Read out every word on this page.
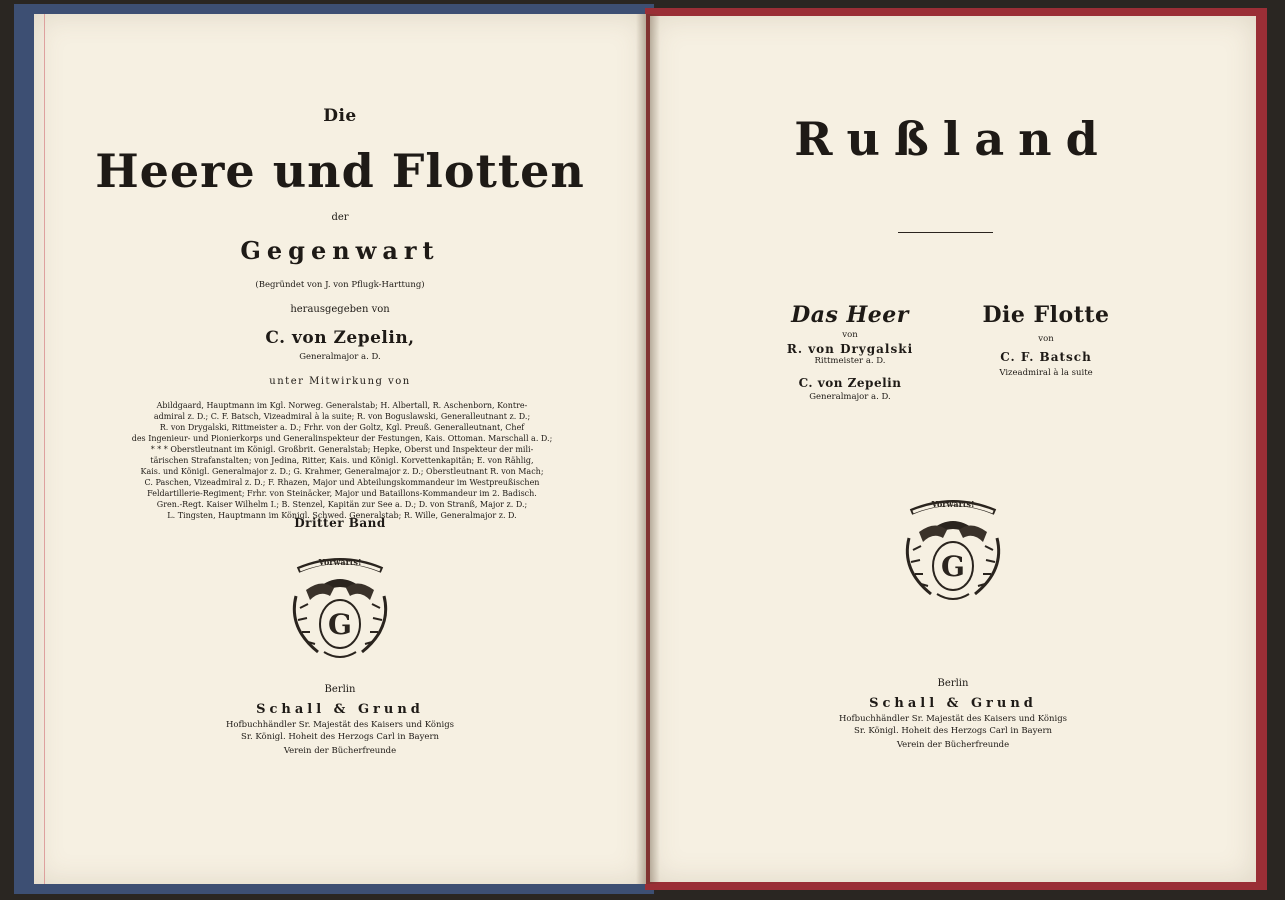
Die
Heere und Flotten
der
Gegenwart
(Begründet von J. von Pflugk-Harttung)
herausgegeben von
C. von Zepelin,
Generalmajor a. D.
unter Mitwirkung von
Abildgaard, Hauptmann im Kgl. Norweg. Generalstab; H. Albertall, R. Aschenborn, Kontre-
admiral z. D.; C. F. Batsch, Vizeadmiral à la suite; R. von Boguslawski, Generalleutnant z. D.;
R. von Drygalski, Rittmeister a. D.; Frhr. von der Goltz, Kgl. Preuß. Generalleutnant, Chef
des Ingenieur- und Pionierkorps und Generalinspekteur der Festungen, Kais. Ottoman. Marschall a. D.;
* * * Oberstleutnant im Königl. Großbrit. Generalstab; Hepke, Oberst und Inspekteur der mili-
tärischen Strafanstalten; von Jedina, Ritter, Kais. und Königl. Korvettenkapitän; E. von Rählig,
Kais. und Königl. Generalmajor z. D.; G. Krahmer, Generalmajor z. D.; Oberstleutnant R. von Mach;
C. Paschen, Vizeadmiral z. D.; F. Rhazen, Major und Abteilungskommandeur im Westpreußischen
Feldartillerie-Regiment; Frhr. von Steinäcker, Major und Bataillons-Kommandeur im 2. Badisch.
Gren.-Regt. Kaiser Wilhelm I.; B. Stenzel, Kapitän zur See a. D.; D. von Stranß, Major z. D.;
L. Tingsten, Hauptmann im Königl. Schwed. Generalstab; R. Wille, Generalmajor z. D.
Dritter Band
Vorwärts!
G
Berlin
Schall & Grund
Hofbuchhändler Sr. Majestät des Kaisers und Königs
Sr. Königl. Hoheit des Herzogs Carl in Bayern
Verein der Bücherfreunde
Rußland
Das Heer
von
R. von Drygalski
Rittmeister a. D.
C. von Zepelin
Generalmajor a. D.
Die Flotte
von
C. F. Batsch
Vizeadmiral à la suite
Vorwärts!
G
Berlin
Schall & Grund
Hofbuchhändler Sr. Majestät des Kaisers und Königs
Sr. Königl. Hoheit des Herzogs Carl in Bayern
Verein der Bücherfreunde
